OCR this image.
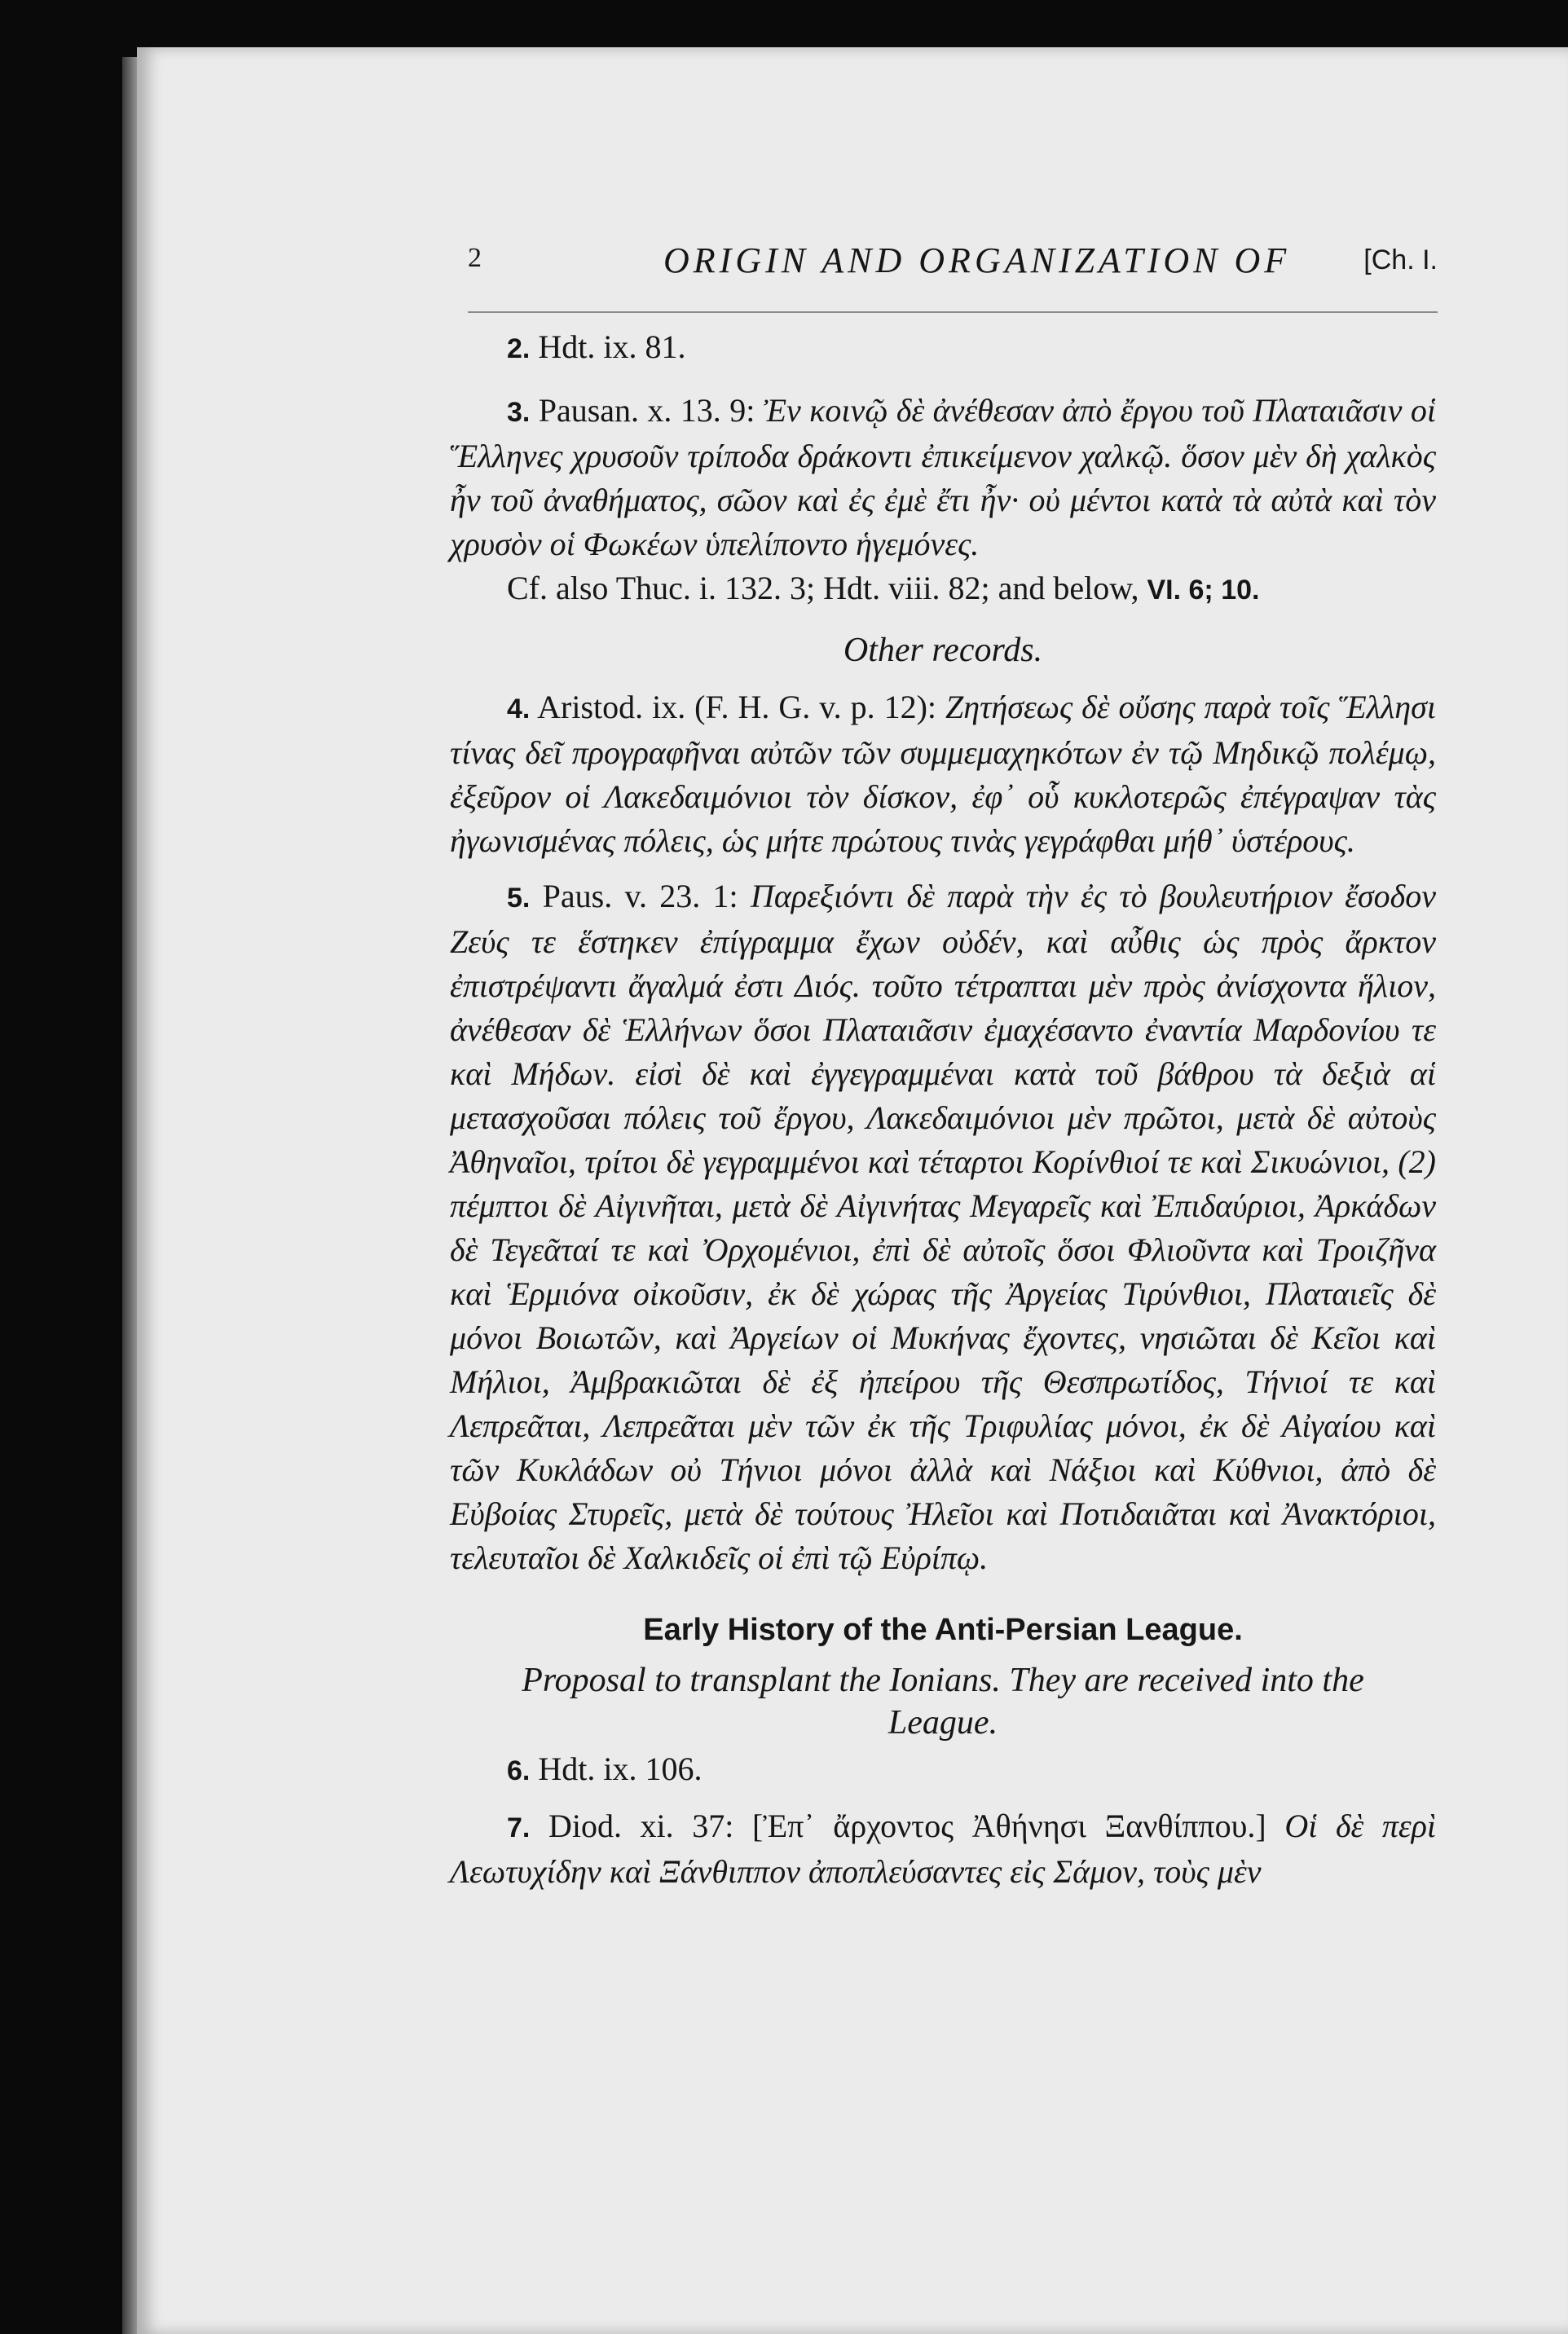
2	ORIGIN AND ORGANIZATION OF	[Ch. I.

2. Hdt. ix. 81.

3. Pausan. x. 13. 9: Ἐν κοινῷ δὲ ἀνέθεσαν ἀπὸ ἔργου τοῦ Πλαταιᾶσιν οἱ Ἕλληνες χρυσοῦν τρίποδα δράκοντι ἐπικείμενον χαλκῷ. ὅσον μὲν δὴ χαλκὸς ἦν τοῦ ἀναθήματος, σῶον καὶ ἐς ἐμὲ ἔτι ἦν· οὐ μέντοι κατὰ τὰ αὐτὰ καὶ τὸν χρυσὸν οἱ Φωκέων ὑπελίποντο ἡγεμόνες.

Cf. also Thuc. i. 132. 3; Hdt. viii. 82; and below, VI. 6; 10.

Other records.

4. Aristod. ix. (F. H. G. v. p. 12): Ζητήσεως δὲ οὔσης παρὰ τοῖς Ἕλλησι τίνας δεῖ προγραφῆναι αὐτῶν τῶν συμμεμαχηκότων ἐν τῷ Μηδικῷ πολέμῳ, ἐξεῦρον οἱ Λακεδαιμόνιοι τὸν δίσκον, ἐφ᾽ οὗ κυκλοτερῶς ἐπέγραψαν τὰς ἠγωνισμένας πόλεις, ὡς μήτε πρώτους τινὰς γεγράφθαι μήθ᾽ ὑστέρους.

5. Paus. v. 23. 1: Παρεξιόντι δὲ παρὰ τὴν ἐς τὸ βουλευτήριον ἔσοδον Ζεύς τε ἕστηκεν ἐπίγραμμα ἔχων οὐδέν, καὶ αὖθις ὡς πρὸς ἄρκτον ἐπιστρέψαντι ἄγαλμά ἐστι Διός. τοῦτο τέτραπται μὲν πρὸς ἀνίσχοντα ἥλιον, ἀνέθεσαν δὲ Ἑλλήνων ὅσοι Πλαταιᾶσιν ἐμαχέσαντο ἐναντία Μαρδονίου τε καὶ Μήδων. εἰσὶ δὲ καὶ ἐγγεγραμμέναι κατὰ τοῦ βάθρου τὰ δεξιὰ αἱ μετασχοῦσαι πόλεις τοῦ ἔργου, Λακεδαιμόνιοι μὲν πρῶτοι, μετὰ δὲ αὐτοὺς Ἀθηναῖοι, τρίτοι δὲ γεγραμμένοι καὶ τέταρτοι Κορίνθιοί τε καὶ Σικυώνιοι, (2) πέμπτοι δὲ Αἰγινῆται, μετὰ δὲ Αἰγινήτας Μεγαρεῖς καὶ Ἐπιδαύριοι, Ἀρκάδων δὲ Τεγεᾶταί τε καὶ Ὀρχομένιοι, ἐπὶ δὲ αὐτοῖς ὅσοι Φλιοῦντα καὶ Τροιζῆνα καὶ Ἑρμιόνα οἰκοῦσιν, ἐκ δὲ χώρας τῆς Ἀργείας Τιρύνθιοι, Πλαταιεῖς δὲ μόνοι Βοιωτῶν, καὶ Ἀργείων οἱ Μυκήνας ἔχοντες, νησιῶται δὲ Κεῖοι καὶ Μήλιοι, Ἀμβρακιῶται δὲ ἐξ ἠπείρου τῆς Θεσπρωτίδος, Τήνιοί τε καὶ Λεπρεᾶται, Λεπρεᾶται μὲν τῶν ἐκ τῆς Τριφυλίας μόνοι, ἐκ δὲ Αἰγαίου καὶ τῶν Κυκλάδων οὐ Τήνιοι μόνοι ἀλλὰ καὶ Νάξιοι καὶ Κύθνιοι, ἀπὸ δὲ Εὐβοίας Στυρεῖς, μετὰ δὲ τούτους Ἠλεῖοι καὶ Ποτιδαιᾶται καὶ Ἀνακτόριοι, τελευταῖοι δὲ Χαλκιδεῖς οἱ ἐπὶ τῷ Εὐρίπῳ.

Early History of the Anti-Persian League.

Proposal to transplant the Ionians. They are received into the League.

6. Hdt. ix. 106.

7. Diod. xi. 37: [Ἐπ᾽ ἄρχοντος Ἀθήνησι Ξανθίππου.] Οἱ δὲ περὶ Λεωτυχίδην καὶ Ξάνθιππον ἀποπλεύσαντες εἰς Σάμον, τοὺς μὲν
